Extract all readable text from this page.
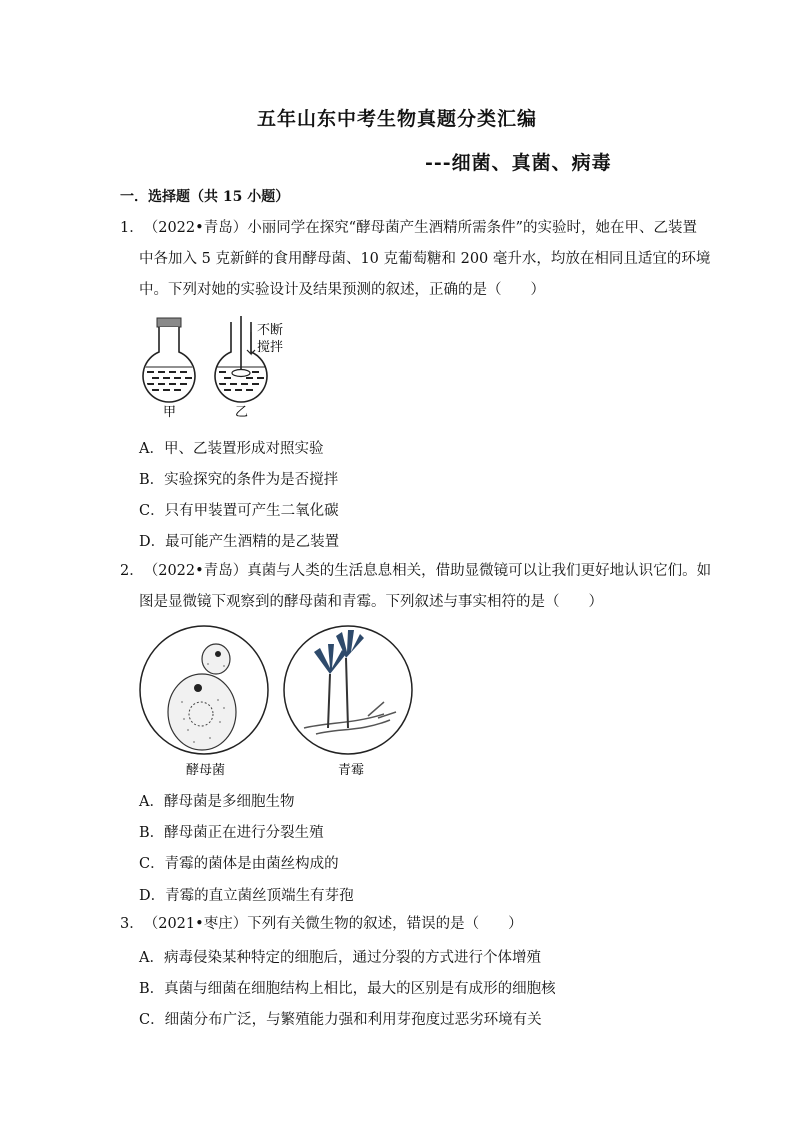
五年山东中考生物真题分类汇编
---细菌、真菌、病毒
一．选择题（共 15 小题）
1．（2022•青岛）小丽同学在探究“酵母菌产生酒精所需条件”的实验时，她在甲、乙装置
中各加入 5 克新鲜的食用酵母菌、10 克葡萄糖和 200 毫升水，均放在相同且适宜的环境
中。下列对她的实验设计及结果预测的叙述，正确的是（　　）
甲
不断
搅拌
乙
A．甲、乙装置形成对照实验
B．实验探究的条件为是否搅拌
C．只有甲装置可产生二氧化碳
D．最可能产生酒精的是乙装置
2．（2022•青岛）真菌与人类的生活息息相关，借助显微镜可以让我们更好地认识它们。如
图是显微镜下观察到的酵母菌和青霉。下列叙述与事实相符的是（　　）
酵母菌	青霉
A．酵母菌是多细胞生物
B．酵母菌正在进行分裂生殖
C．青霉的菌体是由菌丝构成的
D．青霉的直立菌丝顶端生有芽孢
3．（2021•枣庄）下列有关微生物的叙述，错误的是（　　）
A．病毒侵染某种特定的细胞后，通过分裂的方式进行个体增殖
B．真菌与细菌在细胞结构上相比，最大的区别是有成形的细胞核
C．细菌分布广泛，与繁殖能力强和利用芽孢度过恶劣环境有关
